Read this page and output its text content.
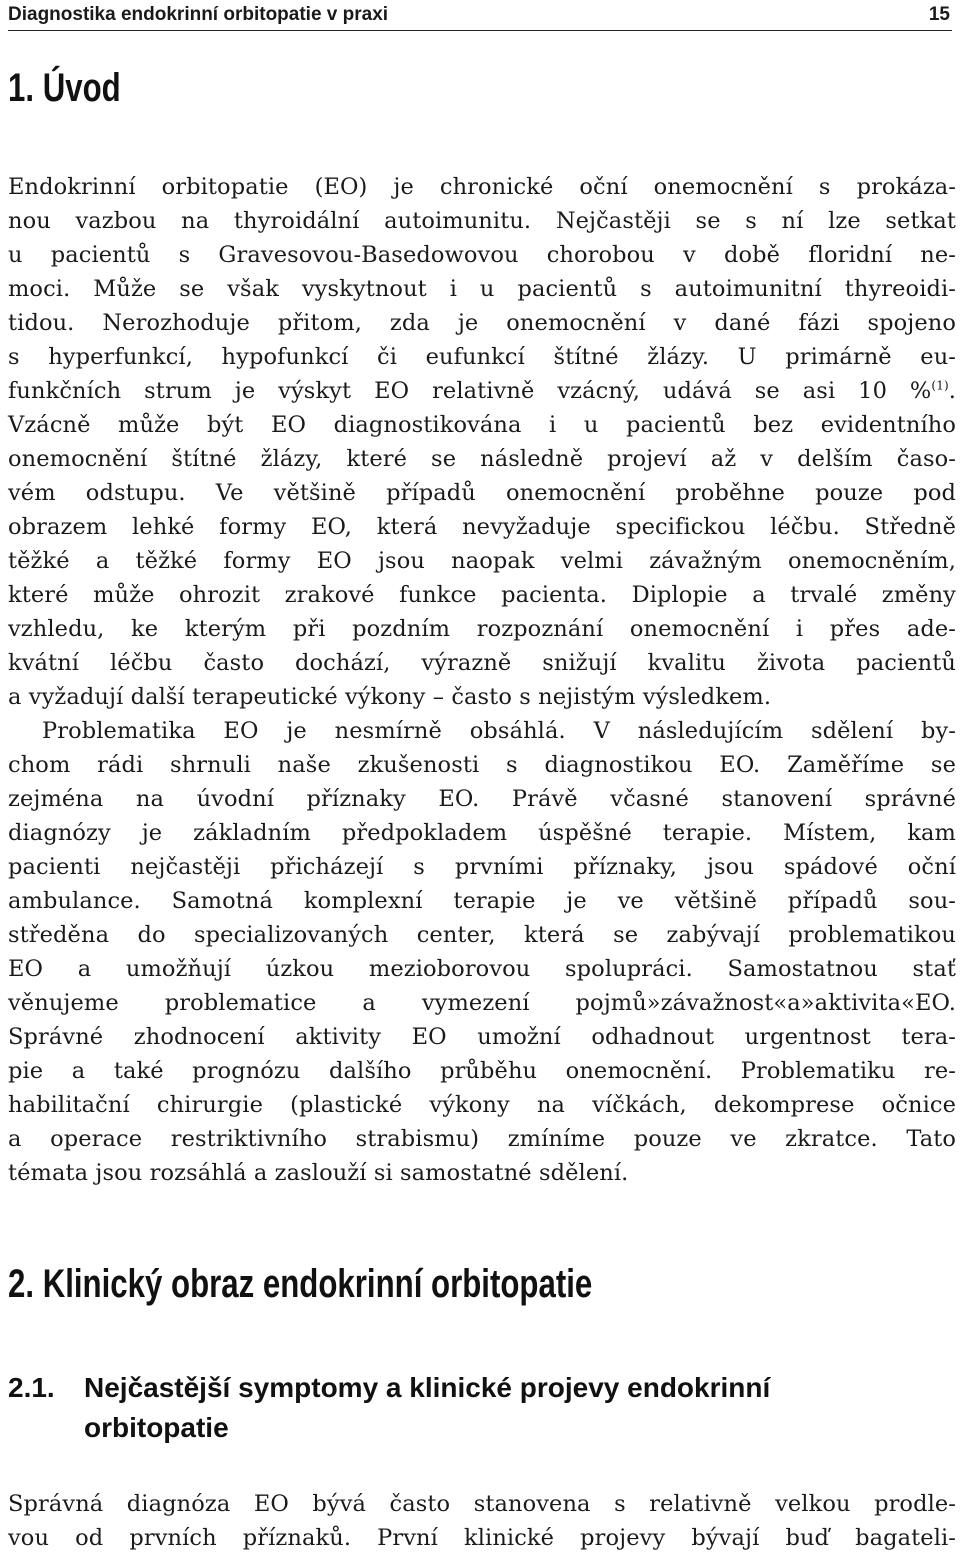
Diagnostika endokrinní orbitopatie v praxi	15
1. Úvod
Endokrinní orbitopatie (EO) je chronické oční onemocnění s prokáza-
nou vazbou na thyroidální autoimunitu. Nejčastěji se s ní lze setkat
u pacientů s Gravesovou-Basedowovou chorobou v době floridní ne-
moci. Může se však vyskytnout i u pacientů s autoimunitní thyreoidi-
tidou. Nerozhoduje přitom, zda je onemocnění v dané fázi spojeno
s hyperfunkcí, hypofunkcí či eufunkcí štítné žlázy. U primárně eu-
funkčních strum je výskyt EO relativně vzácný, udává se asi 10 %$^{(1)}$.
Vzácně může být EO diagnostikována i u pacientů bez evidentního
onemocnění štítné žlázy, které se následně projeví až v delším časo-
vém odstupu. Ve většině případů onemocnění proběhne pouze pod
obrazem lehké formy EO, která nevyžaduje specifickou léčbu. Středně
těžké a těžké formy EO jsou naopak velmi závažným onemocněním,
které může ohrozit zrakové funkce pacienta. Diplopie a trvalé změny
vzhledu, ke kterým při pozdním rozpoznání onemocnění i přes ade-
kvátní léčbu často dochází, výrazně snižují kvalitu života pacientů
a vyžadují další terapeutické výkony – často s nejistým výsledkem.
Problematika EO je nesmírně obsáhlá. V následujícím sdělení by-
chom rádi shrnuli naše zkušenosti s diagnostikou EO. Zaměříme se
zejména na úvodní příznaky EO. Právě včasné stanovení správné
diagnózy je základním předpokladem úspěšné terapie. Místem, kam
pacienti nejčastěji přicházejí s prvními příznaky, jsou spádové oční
ambulance. Samotná komplexní terapie je ve většině případů sou-
středěna do specializovaných center, která se zabývají problematikou
EO a umožňují úzkou mezioborovou spolupráci. Samostatnou stať
věnujeme problematice a vymezení pojmů»závažnost«a»aktivita«EO.
Správné zhodnocení aktivity EO umožní odhadnout urgentnost tera-
pie a také prognózu dalšího průběhu onemocnění. Problematiku re-
habilitační chirurgie (plastické výkony na víčkách, dekomprese očnice
a operace restriktivního strabismu) zmíníme pouze ve zkratce. Tato
témata jsou rozsáhlá a zaslouží si samostatné sdělení.
2. Klinický obraz endokrinní orbitopatie
2.1. Nejčastější symptomy a klinické projevy endokrinní
orbitopatie
Správná diagnóza EO bývá často stanovena s relativně velkou prodle-
vou od prvních příznaků. První klinické projevy bývají buď bagateli-
